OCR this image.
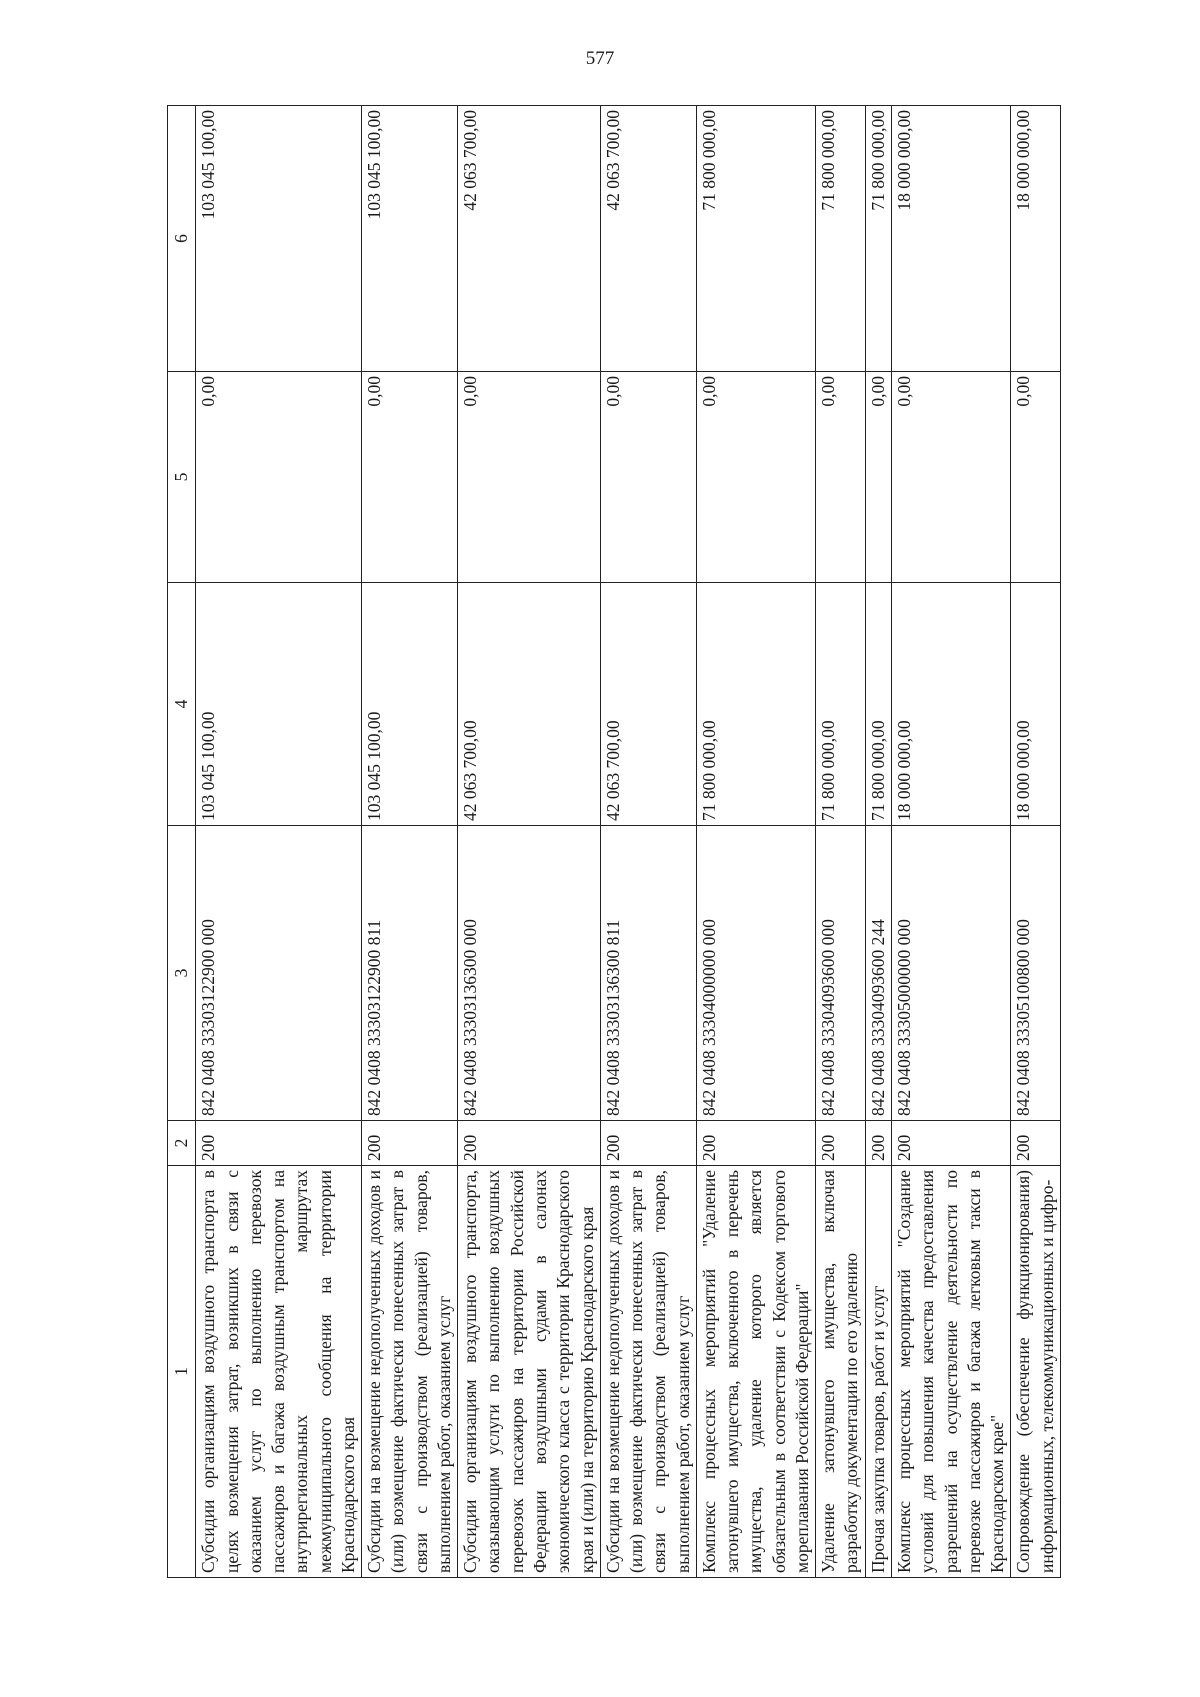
577
1	2	3	4	5	6
Субсидии организациям воздушного транспорта в целях возмещения затрат, возникших в связи с оказанием услуг по выполнению перевозок пассажиров и багажа воздушным транспортом на внутрирегиональных маршрутах межмуниципального сообщения на территории Краснодарского края	200	842 0408 33303122900 000	103 045 100,00	0,00	103 045 100,00
Субсидии на возмещение недополученных доходов и (или) возмещение фактически понесенных затрат в связи с производством (реализацией) товаров, выполнением работ, оказанием услуг	200	842 0408 33303122900 811	103 045 100,00	0,00	103 045 100,00
Субсидии организациям воздушного транспорта, оказывающим услуги по выполнению воздушных перевозок пассажиров на территории Российской Федерации воздушными судами в салонах экономического класса с территории Краснодарского края и (или) на территорию Краснодарского края	200	842 0408 33303136300 000	42 063 700,00	0,00	42 063 700,00
Субсидии на возмещение недополученных доходов и (или) возмещение фактически понесенных затрат в связи с производством (реализацией) товаров, выполнением работ, оказанием услуг	200	842 0408 33303136300 811	42 063 700,00	0,00	42 063 700,00
Комплекс процессных мероприятий "Удаление затонувшего имущества, включенного в перечень имущества, удаление которого является обязательным в соответствии с Кодексом торгового мореплавания Российской Федерации"	200	842 0408 33304000000 000	71 800 000,00	0,00	71 800 000,00
Удаление затонувшего имущества, включая разработку документации по его удалению	200	842 0408 33304093600 000	71 800 000,00	0,00	71 800 000,00
Прочая закупка товаров, работ и услуг	200	842 0408 33304093600 244	71 800 000,00	0,00	71 800 000,00
Комплекс процессных мероприятий "Создание условий для повышения качества предоставления разрешений на осуществление деятельности по перевозке пассажиров и багажа легковым такси в Краснодарском крае"	200	842 0408 33305000000 000	18 000 000,00	0,00	18 000 000,00
Сопровождение (обеспечение функционирования) информационных, телекоммуникационных и цифро-	200	842 0408 33305100800 000	18 000 000,00	0,00	18 000 000,00
